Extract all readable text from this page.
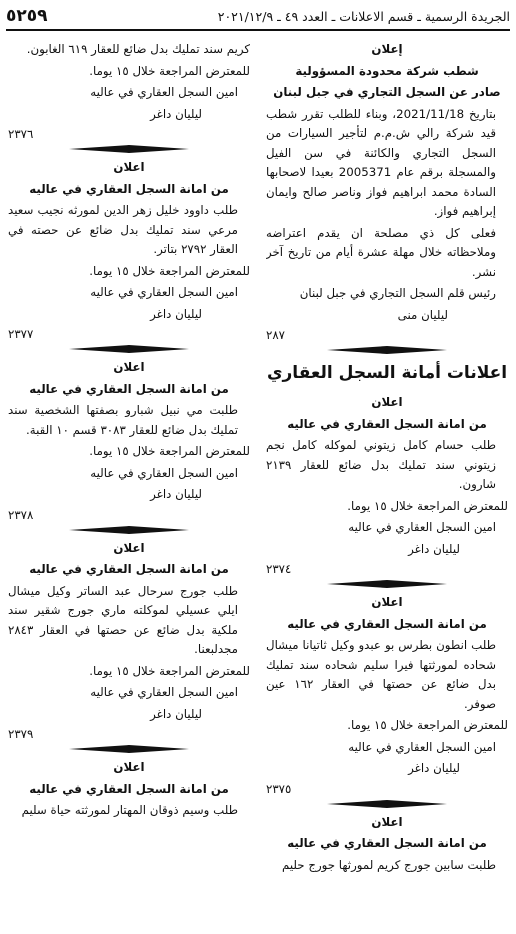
الجريدة الرسمية ـ قسم الاعلانات ـ العدد ٤٩ ـ ٢٠٢١/١٢/٩
٥٢٥٩

إعلان

شطب شركة محدودة المسؤولية

صادر عن السجل التجاري في جبل لبنان

بتاريخ 2021/11/18، وبناء للطلب تقرر شطب قيد شركة رالي ش.م.م لتأجير السيارات من السجل التجاري والكائنة في سن الفيل والمسجلة برقم عام 2005371 بعيدا لاصحابها السادة محمد ابراهيم فواز وناصر صالح وايمان إبراهيم فواز.

فعلى كل ذي مصلحة ان يقدم اعتراضه وملاحظاته خلال مهلة عشرة أيام من تاريخ آخر نشر.

رئيس قلم السجل التجاري في جبل لبنان

ليليان منى

٢٨٧

اعلانات أمانة السجل العقاري

اعلان

من امانة السجل العقاري في عاليه

طلب حسام كامل زيتوني لموكله كامل نجم زيتوني سند تمليك بدل ضائع للعقار ٢١٣٩ شارون.

للمعترض المراجعة خلال ١٥ يوما.

امين السجل العقاري في عاليه

ليليان داغر

٢٣٧٤

اعلان

من امانة السجل العقاري في عاليه

طلب انطون بطرس بو عبدو وكيل ثاتيانا ميشال شحاده لمورثتها فيرا سليم شحاده سند تمليك بدل ضائع عن حصتها في العقار ١٦٢ عين صوفر.

للمعترض المراجعة خلال ١٥ يوما.

امين السجل العقاري في عاليه

ليليان داغر

٢٣٧٥

اعلان

من امانة السجل العقاري في عاليه

طلبت سابين جورج كريم لمورثها جورج حليم

كريم سند تمليك بدل ضائع للعقار ٦١٩ الغابون.

للمعترض المراجعة خلال ١٥ يوما.

امين السجل العقاري في عاليه

ليليان داغر

٢٣٧٦

اعلان

من امانة السجل العقاري في عاليه

طلب داوود خليل زهر الدين لمورثه نجيب سعيد مرعي سند تمليك بدل ضائع عن حصته في العقار ٢٧٩٢ بتاتر.

للمعترض المراجعة خلال ١٥ يوما.

امين السجل العقاري في عاليه

ليليان داغر

٢٣٧٧

اعلان

من امانة السجل العقاري في عاليه

طلبت مي نبيل شبارو بصفتها الشخصية سند تمليك بدل ضائع للعقار ٣٠٨٣ قسم ١٠ القبة.

للمعترض المراجعة خلال ١٥ يوما.

امين السجل العقاري في عاليه

ليليان داغر

٢٣٧٨

اعلان

من امانة السجل العقاري في عاليه

طلب جورج سرحال عبد الساتر وكيل ميشال ايلي عسيلي لموكلته ماري جورج شقير سند ملكية بدل ضائع عن حصتها في العقار ٢٨٤٣ مجدلبعنا.

للمعترض المراجعة خلال ١٥ يوما.

امين السجل العقاري في عاليه

ليليان داغر

٢٣٧٩

اعلان

من امانة السجل العقاري في عاليه

طلب وسيم ذوقان المهتار لمورثته حياة سليم
